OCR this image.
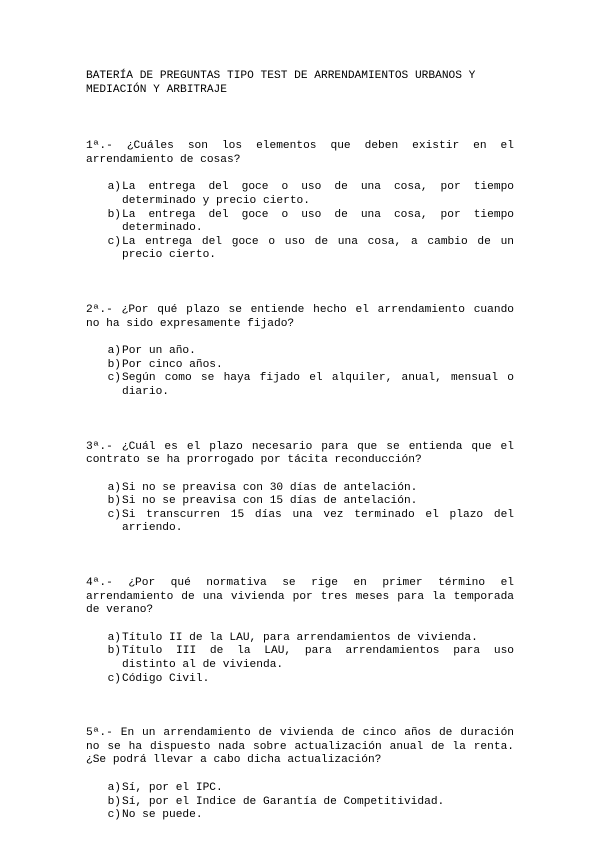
BATERÍA DE PREGUNTAS TIPO TEST DE ARRENDAMIENTOS URBANOS Y
MEDIACIÓN Y ARBITRAJE

1ª.- ¿Cuáles son los elementos que deben existir en el arrendamiento de cosas?

a) La entrega del goce o uso de una cosa, por tiempo determinado y precio cierto.
b) La entrega del goce o uso de una cosa, por tiempo determinado.
c) La entrega del goce o uso de una cosa, a cambio de un precio cierto.

2ª.- ¿Por qué plazo se entiende hecho el arrendamiento cuando no ha sido expresamente fijado?

a) Por un año.
b) Por cinco años.
c) Según como se haya fijado el alquiler, anual, mensual o diario.

3ª.- ¿Cuál es el plazo necesario para que se entienda que el contrato se ha prorrogado por tácita reconducción?

a) Si no se preavisa con 30 días de antelación.
b) Si no se preavisa con 15 días de antelación.
c) Si transcurren 15 días una vez terminado el plazo del arriendo.

4ª.- ¿Por qué normativa se rige en primer término el arrendamiento de una vivienda por tres meses para la temporada de verano?

a) Título II de la LAU, para arrendamientos de vivienda.
b) Título III de la LAU, para arrendamientos para uso distinto al de vivienda.
c) Código Civil.

5ª.- En un arrendamiento de vivienda de cinco años de duración no se ha dispuesto nada sobre actualización anual de la renta. ¿Se podrá llevar a cabo dicha actualización?

a) Sí, por el IPC.
b) Sí, por el Indice de Garantía de Competitividad.
c) No se puede.
